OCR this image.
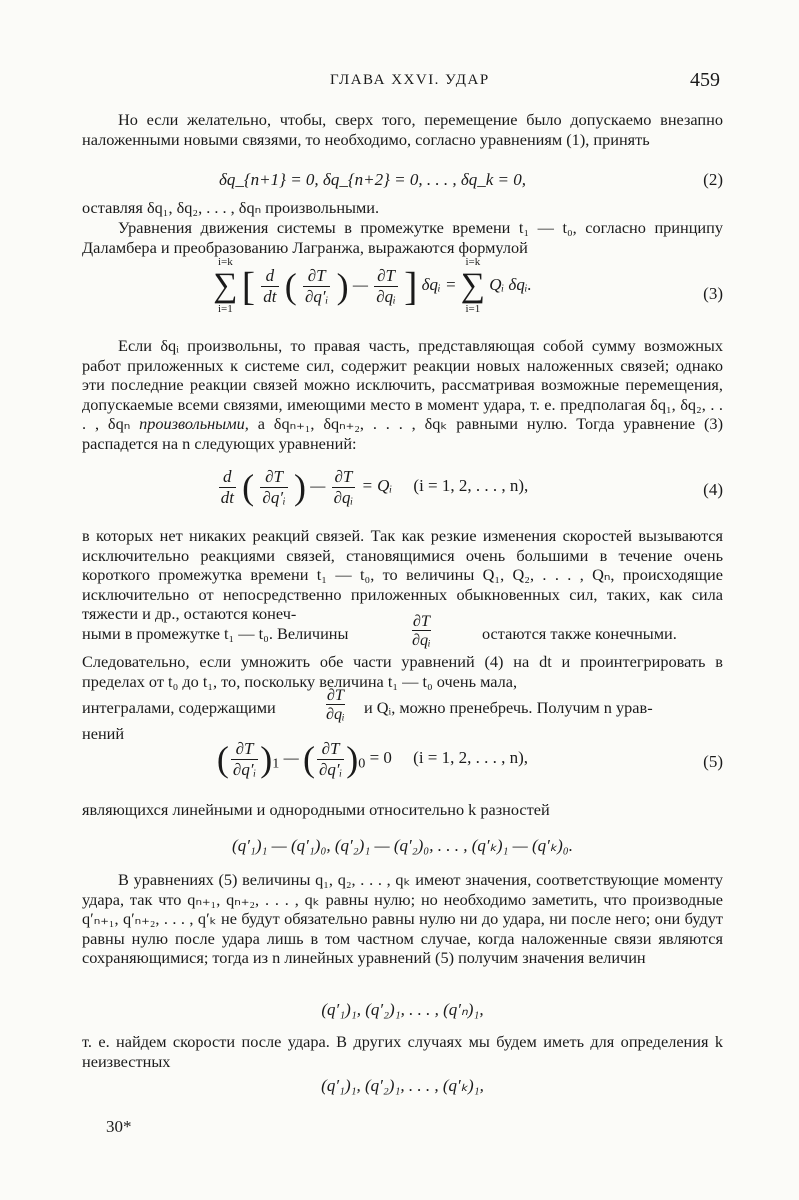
ГЛАВА XXVI. УДАР	459
Но если желательно, чтобы, сверх того, перемещение было допускаемо внезапно наложенными новыми связями, то необходимо, согласно уравнениям (1), принять
δq_{n+1} = 0, δq_{n+2} = 0, . . . , δq_k = 0,	(2)
оставляя δq₁, δq₂, . . . , δqₙ произвольными.
Уравнения движения системы в промежутке времени t₁ — t₀, согласно принципу Даламбера и преобразованию Лагранжа, выражаются формулой
i=k
∑
i=1
[ $\frac{d}{dt}$ ( $\frac{\partial T}{\text{∂q′ᵢ}}$ ) — $\frac{\partial T}{\text{∂qᵢ}}$ ] δqᵢ =
i=k
∑
i=1
Qᵢ δqᵢ.	(3)
Если δqᵢ произвольны, то правая часть, представляющая собой сумму возможных работ приложенных к системе сил, содержит реакции новых наложенных связей; однако эти последние реакции связей можно исключить, рассматривая возможные перемещения, допускаемые всеми связями, имеющими место в момент удара, т. е. предполагая δq₁, δq₂, . . . , δqₙ произвольными, а δqₙ₊₁, δqₙ₊₂, . . . , δqₖ равными нулю. Тогда уравнение (3) распадется на n следующих уравнений:
$\frac{d}{dt}$ ( $\frac{\partial T}{\text{∂q′ᵢ}}$ ) — $\frac{\partial T}{\text{∂qᵢ}}$ = Qᵢ (i = 1, 2, . . . , n),	(4)
в которых нет никаких реакций связей. Так как резкие изменения скоростей вызываются исключительно реакциями связей, становящимися очень большими в течение очень короткого промежутка времени t₁ — t₀, то величины Q₁, Q₂, . . . , Qₙ, происходящие исключительно от непосредственно приложенных обыкновенных сил, таких, как сила тяжести и др., остаются конеч-
ными в промежутке t₁ — t₀. Величины	$\frac{\partial T}{\text{∂qᵢ}}$	остаются также конечными.
Следовательно, если умножить обе части уравнений (4) на dt и проинтегрировать в пределах от t₀ до t₁, то, поскольку величина t₁ — t₀ очень мала,
интегралами, содержащими	$\frac{\partial T}{\text{∂qᵢ}}$ и Qᵢ, можно пренебречь. Получим n урав-
нений
( $\frac{\partial T}{\text{∂q′ᵢ}} )_1$ — ( $\frac{\partial T}{\text{∂q′ᵢ}} )_0 = 0$ (i = 1, 2, . . . , n),	(5)
являющихся линейными и однородными относительно k разностей
(q′₁)₁ — (q′₁)₀, (q′₂)₁ — (q′₂)₀, . . . , (q′ₖ)₁ — (q′ₖ)₀.
В уравнениях (5) величины q₁, q₂, . . . , qₖ имеют значения, соответствующие моменту удара, так что qₙ₊₁, qₙ₊₂, . . . , qₖ равны нулю; но необходимо заметить, что производные q′ₙ₊₁, q′ₙ₊₂, . . . , q′ₖ не будут обязательно равны нулю ни до удара, ни после него; они будут равны нулю после удара лишь в том частном случае, когда наложенные связи являются сохраняющимися; тогда из n линейных уравнений (5) получим значения величин
(q′₁)₁, (q′₂)₁, . . . , (q′ₙ)₁,
т. е. найдем скорости после удара. В других случаях мы будем иметь для определения k неизвестных
(q′₁)₁, (q′₂)₁, . . . , (q′ₖ)₁,
30*
